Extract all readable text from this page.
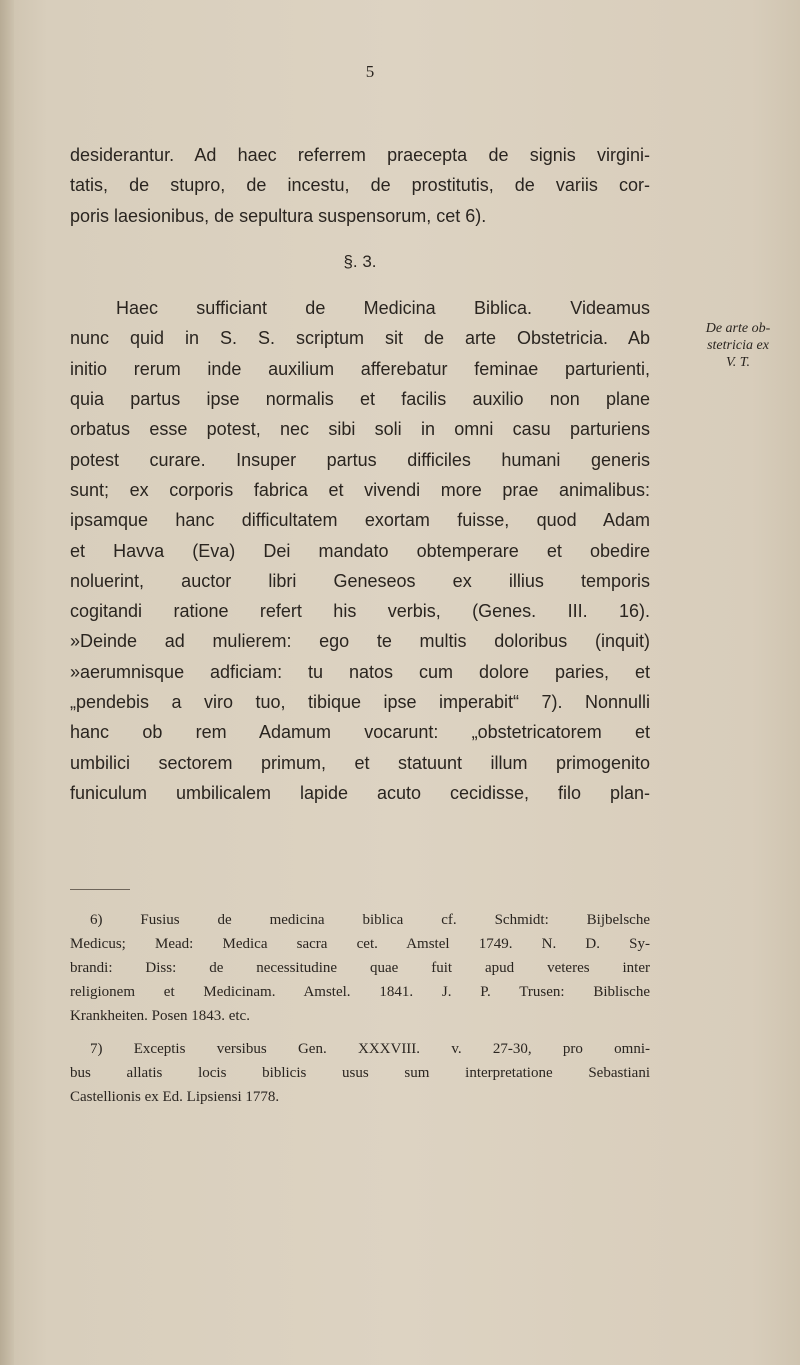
5
desiderantur. Ad haec referrem praecepta de signis virgini-
tatis, de stupro, de incestu, de prostitutis, de variis cor-
poris laesionibus, de sepultura suspensorum, cet 6).
§. 3.
Haec sufficiant de Medicina Biblica. Videamus
nunc quid in S. S. scriptum sit de arte Obstetricia. Ab
initio rerum inde auxilium afferebatur feminae parturienti,
quia partus ipse normalis et facilis auxilio non plane
orbatus esse potest, nec sibi soli in omni casu parturiens
potest curare. Insuper partus difficiles humani generis
sunt; ex corporis fabrica et vivendi more prae animalibus:
ipsamque hanc difficultatem exortam fuisse, quod Adam
et Havva (Eva) Dei mandato obtemperare et obedire
noluerint, auctor libri Geneseos ex illius temporis
cogitandi ratione refert his verbis, (Genes. III. 16).
»Deinde ad mulierem: ego te multis doloribus (inquit)
»aerumnisque adficiam: tu natos cum dolore paries, et
„pendebis a viro tuo, tibique ipse imperabit“ 7). Nonnulli
hanc ob rem Adamum vocarunt: „obstetricatorem et
umbilici sectorem primum, et statuunt illum primogenito
funiculum umbilicalem lapide acuto cecidisse, filo plan-
De arte ob-
stetricia ex
V. T.
6) Fusius de medicina biblica cf. Schmidt: Bijbelsche
Medicus; Mead: Medica sacra cet. Amstel 1749. N. D. Sy-
brandi: Diss: de necessitudine quae fuit apud veteres inter
religionem et Medicinam. Amstel. 1841. J. P. Trusen: Biblische
Krankheiten. Posen 1843. etc.
7) Exceptis versibus Gen. XXXVIII. v. 27-30, pro omni-
bus allatis locis biblicis usus sum interpretatione Sebastiani
Castellionis ex Ed. Lipsiensi 1778.
